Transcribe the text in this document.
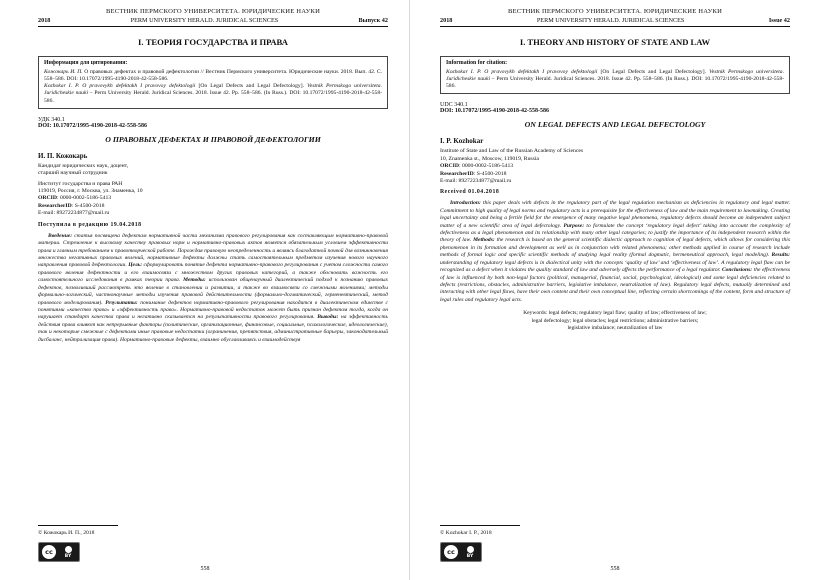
ВЕСТНИК ПЕРМСКОГО УНИВЕРСИТЕТА. ЮРИДИЧЕСКИЕ НАУКИ
2018	PERM UNIVERSITY HERALD. JURIDICAL SCIENCES	Выпуск 42
I. ТЕОРИЯ ГОСУДАРСТВА И ПРАВА
Информация для цитирования:

Кожокарь И. П. О правовых дефектах и правовой дефектологии // Вестник Пермского университета. Юридические науки. 2018. Вып. 42. C. 558–586. DOI: 10.17072/1995-4190-2018-42-558-586.

Kozhokar I. P. O pravovykh defektakh I pravovoy defektologii [On Legal Defects and Legal Defectology]. Vestnik Permskogo universiteta. Juridicheskie nauki – Perm University Herald. Juridical Sciences. 2018. Issue 42. Pp. 558–586. (In Russ.). DOI: 10.17072/1995-4190-2018-42-558-586.

УДК 340.1
DOI: 10.17072/1995-4190-2018-42-558-586
О ПРАВОВЫХ ДЕФЕКТАХ И ПРАВОВОЙ ДЕФЕКТОЛОГИИ
И. П. Кожокарь
Кандидат юридических наук, доцент,
старший научный сотрудник
Институт государства и права РАН
119019, Россия, г. Москва, ул. Знаменка, 10
ORCID: 0000-0002-5186-5413
ResearcherID: S-4500-2018
E-mail: 89272234877@mail.ru
Поступила в редакцию 19.04.2018
Введение: статья посвящена дефектам нормативной части механизма правового регулирования как составляющим нормативно-правовой материи. Стремление к высокому качеству правовых норм и нормативно-правовых актов является обязательным условием эффективности права и главным требованием к правотворческой работе. Порождая правовую неопределенность и являясь благодатной почвой для возникновения множества негативных правовых явлений, нормативные дефекты должны стать самостоятельным предметом изучения нового научного направления правовой дефектологии. Цель: сформулировать понятие дефекта нормативно-правового регулирования с учетом сложности самого правового явления дефектности и его взаимосвязи с множеством других правовых категорий, а также обосновать важность его самостоятельного исследования в рамках теории права. Методы: использован общенаучный диалектический подход к познанию правовых дефектов, позволивший рассмотреть это явление в становлении и развитии, а также во взаимосвязи со смежными явлениями; методы формально-логический, частнонаучные методы изучения правовой действительности (формально-догматический, герменевтический, метод правового моделирования). Результаты: понимание дефектов нормативно-правового регулирования находится в диалектическом единстве с понятиями «качество права» и «эффективность права». Нормативно-правовой недостаток может быть признан дефектом тогда, когда он нарушает стандарт качества права и негативно сказывается на результативности правового регулирования. Выводы: на эффективность действия права влияют как непрерывные факторы (политические, организационные, финансовые, социальные, психологические, идеологические), так и некоторые смежные с дефектами иные правовые недостатки (ограничения, препятствия, административные барьеры, законодательный дисбаланс, нейтрализация права). Нормативно-правовые дефекты, взаимно обуславливаясь и взаимодействуя
© Кожокарь И. П., 2018
cc	BY
558
ВЕСТНИК ПЕРМСКОГО УНИВЕРСИТЕТА. ЮРИДИЧЕСКИЕ НАУКИ
2018	PERM UNIVERSITY HERALD. JURIDICAL SCIENCES	Issue 42
I. THEORY AND HISTORY OF STATE AND LAW
Information for citation:

Kozhokar I. P. O pravovykh defektakh I pravovoy defektologii [On Legal Defects and Legal Defectology]. Vestnik Permskogo universiteta. Juridicheskie nauki – Perm University Herald. Juridical Sciences. 2018. Issue 42. Pp. 558–586. (In Russ.). DOI: 10.17072/1995-4190-2018-42-558-586.

UDC 340.1
DOI: 10.17072/1995-4190-2018-42-558-586
ON LEGAL DEFECTS AND LEGAL DEFECTOLOGY
I. P. Kozhokar
Institute of State and Law of the Russian Academy of Sciences
10, Znamenka st., Moscow, 119019, Russia
ORCID: 0000-0002-5186-5413
ResearcherID: S-4500-2018
E-mail: 89272234877@mail.ru
Received 01.04.2018
Introduction: this paper deals with defects in the regulatory part of the legal regulation mechanism as deficiencies in regulatory and legal matter. Commitment to high quality of legal norms and regulatory acts is a prerequisite for the effectiveness of law and the main requirement to lawmaking. Creating legal uncertainty and being a fertile field for the emergence of many negative legal phenomena, regulatory defects should become an independent subject matter of a new scientific area of legal defectology. Purpose: to formulate the concept ‘regulatory legal defect’ taking into account the complexity of defectiveness as a legal phenomenon and its relationship with many other legal categories; to justify the importance of its independent research within the theory of law. Methods: the research is based on the general scientific dialectic approach to cognition of legal defects, which allows for considering this phenomenon in its formation and development as well as in conjunction with related phenomena; other methods applied in course of research include methods of formal logic and specific scientific methods of studying legal reality (formal dogmatic, hermeneutical approach, legal modeling). Results: understanding of regulatory legal defects is in dialectical unity with the concepts ‘quality of law’ and ‘effectiveness of law’. A regulatory legal flaw can be recognized as a defect when it violates the quality standard of law and adversely affects the performance of a legal regulator. Conclusions: the effectiveness of law is influenced by both non-legal factors (political, managerial, financial, social, psychological, ideological) and some legal deficiencies related to defects (restrictions, obstacles, administrative barriers, legislative imbalance, neutralization of law). Regulatory legal defects, mutually determined and interacting with other legal flaws, have their own content and their own conceptual line, reflecting certain shortcomings of the content, form and structure of legal rules and regulatory legal acts.
Keywords: legal defects; regulatory legal flaw; quality of law; effectiveness of law;
legal defectology; legal obstacles; legal restrictions; administrative barriers;
legislative imbalance; neutralization of law
© Kozhokar I. P., 2018
cc	BY
558
